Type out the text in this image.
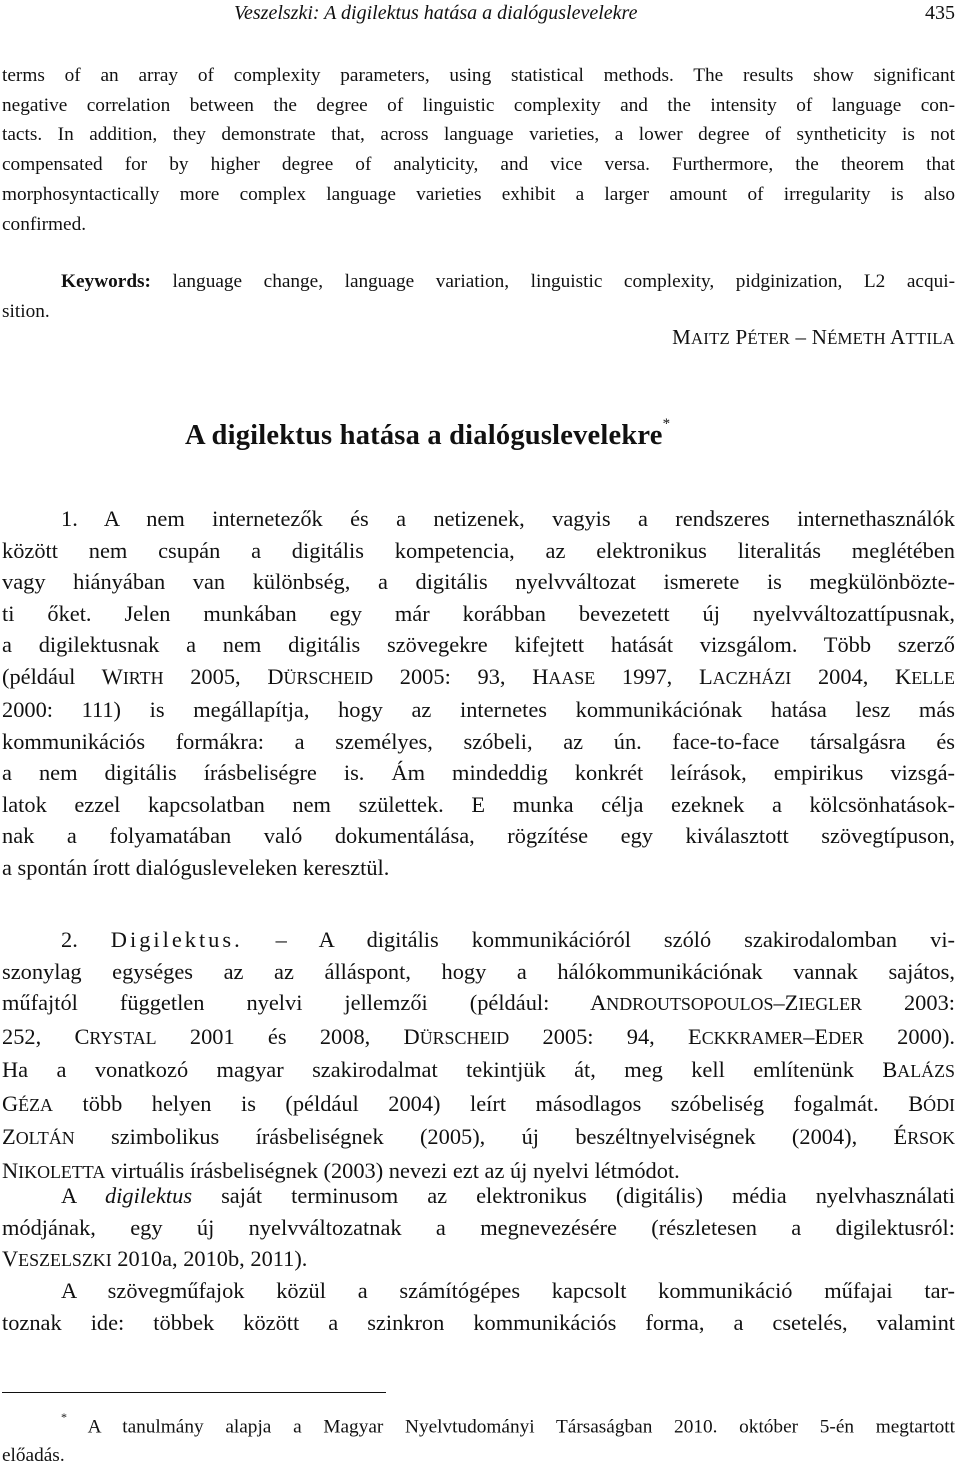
Veszelszki: A digilektus hatása a dialóguslevelekre	435
terms of an array of complexity parameters, using statistical methods. The results show significant
negative correlation between the degree of linguistic complexity and the intensity of language con-
tacts. In addition, they demonstrate that, across language varieties, a lower degree of syntheticity is not
compensated for by higher degree of analyticity, and vice versa. Furthermore, the theorem that
morphosyntactically more complex language varieties exhibit a larger amount of irregularity is also
confirmed.
Keywords: language change, language variation, linguistic complexity, pidginization, L2 acqui-
sition.
MAITZ PÉTER – NÉMETH ATTILA
A digilektus hatása a dialóguslevelekre*
1. A nem internetezők és a netizenek, vagyis a rendszeres internethasználók
között nem csupán a digitális kompetencia, az elektronikus literalitás meglétében
vagy hiányában van különbség, a digitális nyelvváltozat ismerete is megkülönbözte-
ti őket. Jelen munkában egy már korábban bevezetett új nyelvváltozattípusnak,
a digilektusnak a nem digitális szövegekre kifejtett hatását vizsgálom. Több szerző
(például WIRTH 2005, DÜRSCHEID 2005: 93, HAASE 1997, LACZHÁZI 2004, KELLE
2000: 111) is megállapítja, hogy az internetes kommunikációnak hatása lesz más
kommunikációs formákra: a személyes, szóbeli, az ún. face-to-face társalgásra és
a nem digitális írásbeliségre is. Ám mindeddig konkrét leírások, empirikus vizsgá-
latok ezzel kapcsolatban nem születtek. E munka célja ezeknek a kölcsönhatások-
nak a folyamatában való dokumentálása, rögzítése egy kiválasztott szövegtípuson,
a spontán írott dialógusleveleken keresztül.
2. Digilektus. – A digitális kommunikációról szóló szakirodalomban vi-
szonylag egységes az az álláspont, hogy a hálókommunikációnak vannak sajátos,
műfajtól független nyelvi jellemzői (például: ANDROUTSOPOULOS–ZIEGLER 2003:
252, CRYSTAL 2001 és 2008, DÜRSCHEID 2005: 94, ECKKRAMER–EDER 2000).
Ha a vonatkozó magyar szakirodalmat tekintjük át, meg kell említenünk BALÁZS
GÉZA több helyen is (például 2004) leírt másodlagos szóbeliség fogalmát. BÓDI
ZOLTÁN szimbolikus írásbeliségnek (2005), új beszéltnyelviségnek (2004), ÉRSOK
NIKOLETTA virtuális írásbeliségnek (2003) nevezi ezt az új nyelvi létmódot.
A digilektus saját terminusom az elektronikus (digitális) média nyelvhasználati
módjának, egy új nyelvváltozatnak a megnevezésére (részletesen a digilektusról:
VESZELSZKI 2010a, 2010b, 2011).
A szövegműfajok közül a számítógépes kapcsolt kommunikáció műfajai tar-
toznak ide: többek között a szinkron kommunikációs forma, a csetelés, valamint
* A tanulmány alapja a Magyar Nyelvtudományi Társaságban 2010. október 5-én megtartott
előadás.
